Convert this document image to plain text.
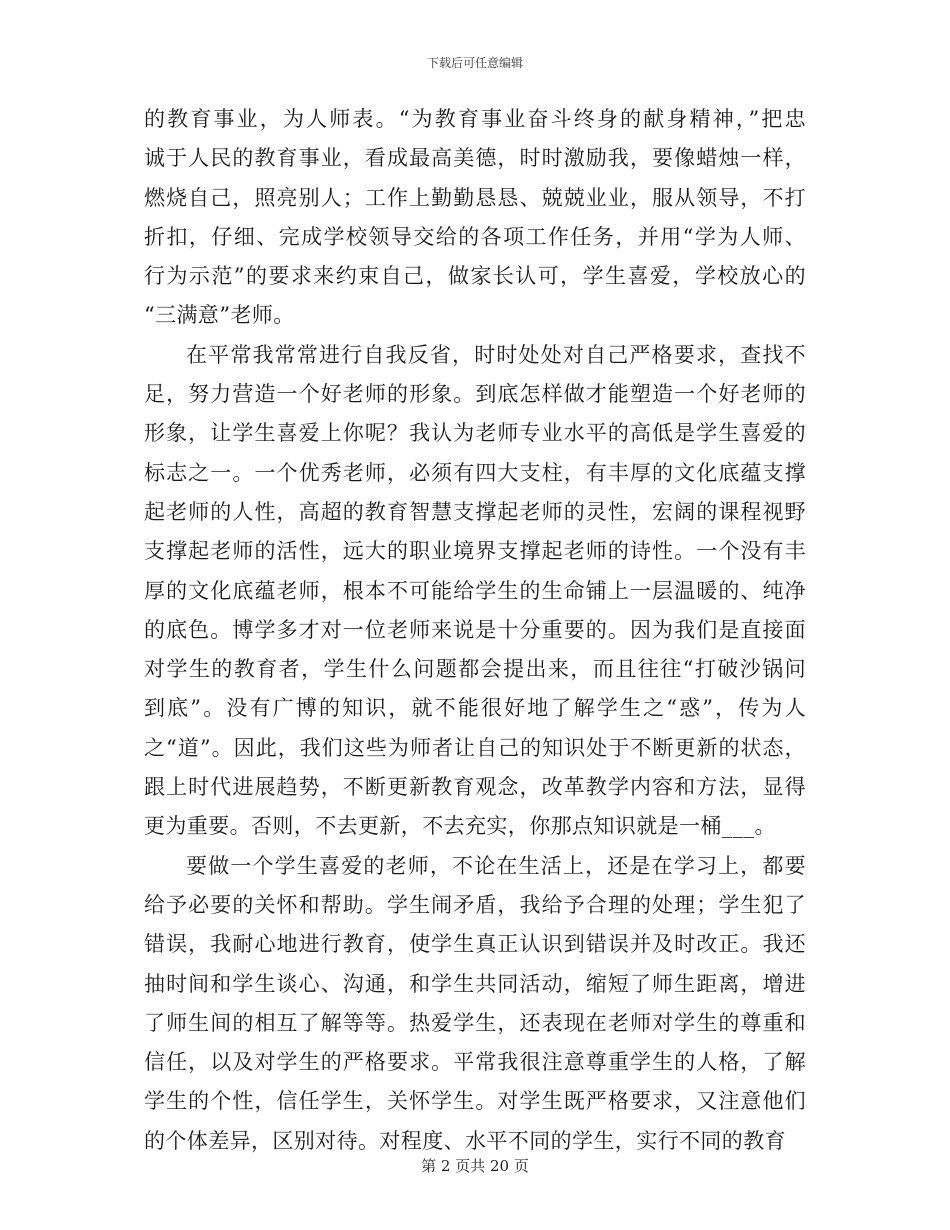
下载后可任意编辑
的教育事业，为人师表。“为教育事业奋斗终身的献身精神，”把忠
诚于人民的教育事业，看成最高美德，时时激励我，要像蜡烛一样，
燃烧自己，照亮别人；工作上勤勤恳恳、兢兢业业，服从领导，不打
折扣，仔细、完成学校领导交给的各项工作任务，并用“学为人师、
行为示范”的要求来约束自己，做家长认可，学生喜爱，学校放心的
“三满意”老师。
在平常我常常进行自我反省，时时处处对自己严格要求，查找不
足，努力营造一个好老师的形象。到底怎样做才能塑造一个好老师的
形象，让学生喜爱上你呢？我认为老师专业水平的高低是学生喜爱的
标志之一。一个优秀老师，必须有四大支柱，有丰厚的文化底蕴支撑
起老师的人性，高超的教育智慧支撑起老师的灵性，宏阔的课程视野
支撑起老师的活性，远大的职业境界支撑起老师的诗性。一个没有丰
厚的文化底蕴老师，根本不可能给学生的生命铺上一层温暖的、纯净
的底色。博学多才对一位老师来说是十分重要的。因为我们是直接面
对学生的教育者，学生什么问题都会提出来，而且往往“打破沙锅问
到底”。没有广博的知识，就不能很好地了解学生之“惑”，传为人
之“道”。因此，我们这些为师者让自己的知识处于不断更新的状态，
跟上时代进展趋势，不断更新教育观念，改革教学内容和方法，显得
更为重要。否则，不去更新，不去充实，你那点知识就是一桶___。
要做一个学生喜爱的老师，不论在生活上，还是在学习上，都要
给予必要的关怀和帮助。学生闹矛盾，我给予合理的处理；学生犯了
错误，我耐心地进行教育，使学生真正认识到错误并及时改正。我还
抽时间和学生谈心、沟通，和学生共同活动，缩短了师生距离，增进
了师生间的相互了解等等。热爱学生，还表现在老师对学生的尊重和
信任，以及对学生的严格要求。平常我很注意尊重学生的人格，了解
学生的个性，信任学生，关怀学生。对学生既严格要求，又注意他们
的个体差异，区别对待。对程度、水平不同的学生，实行不同的教育
第 2 页共 20 页
